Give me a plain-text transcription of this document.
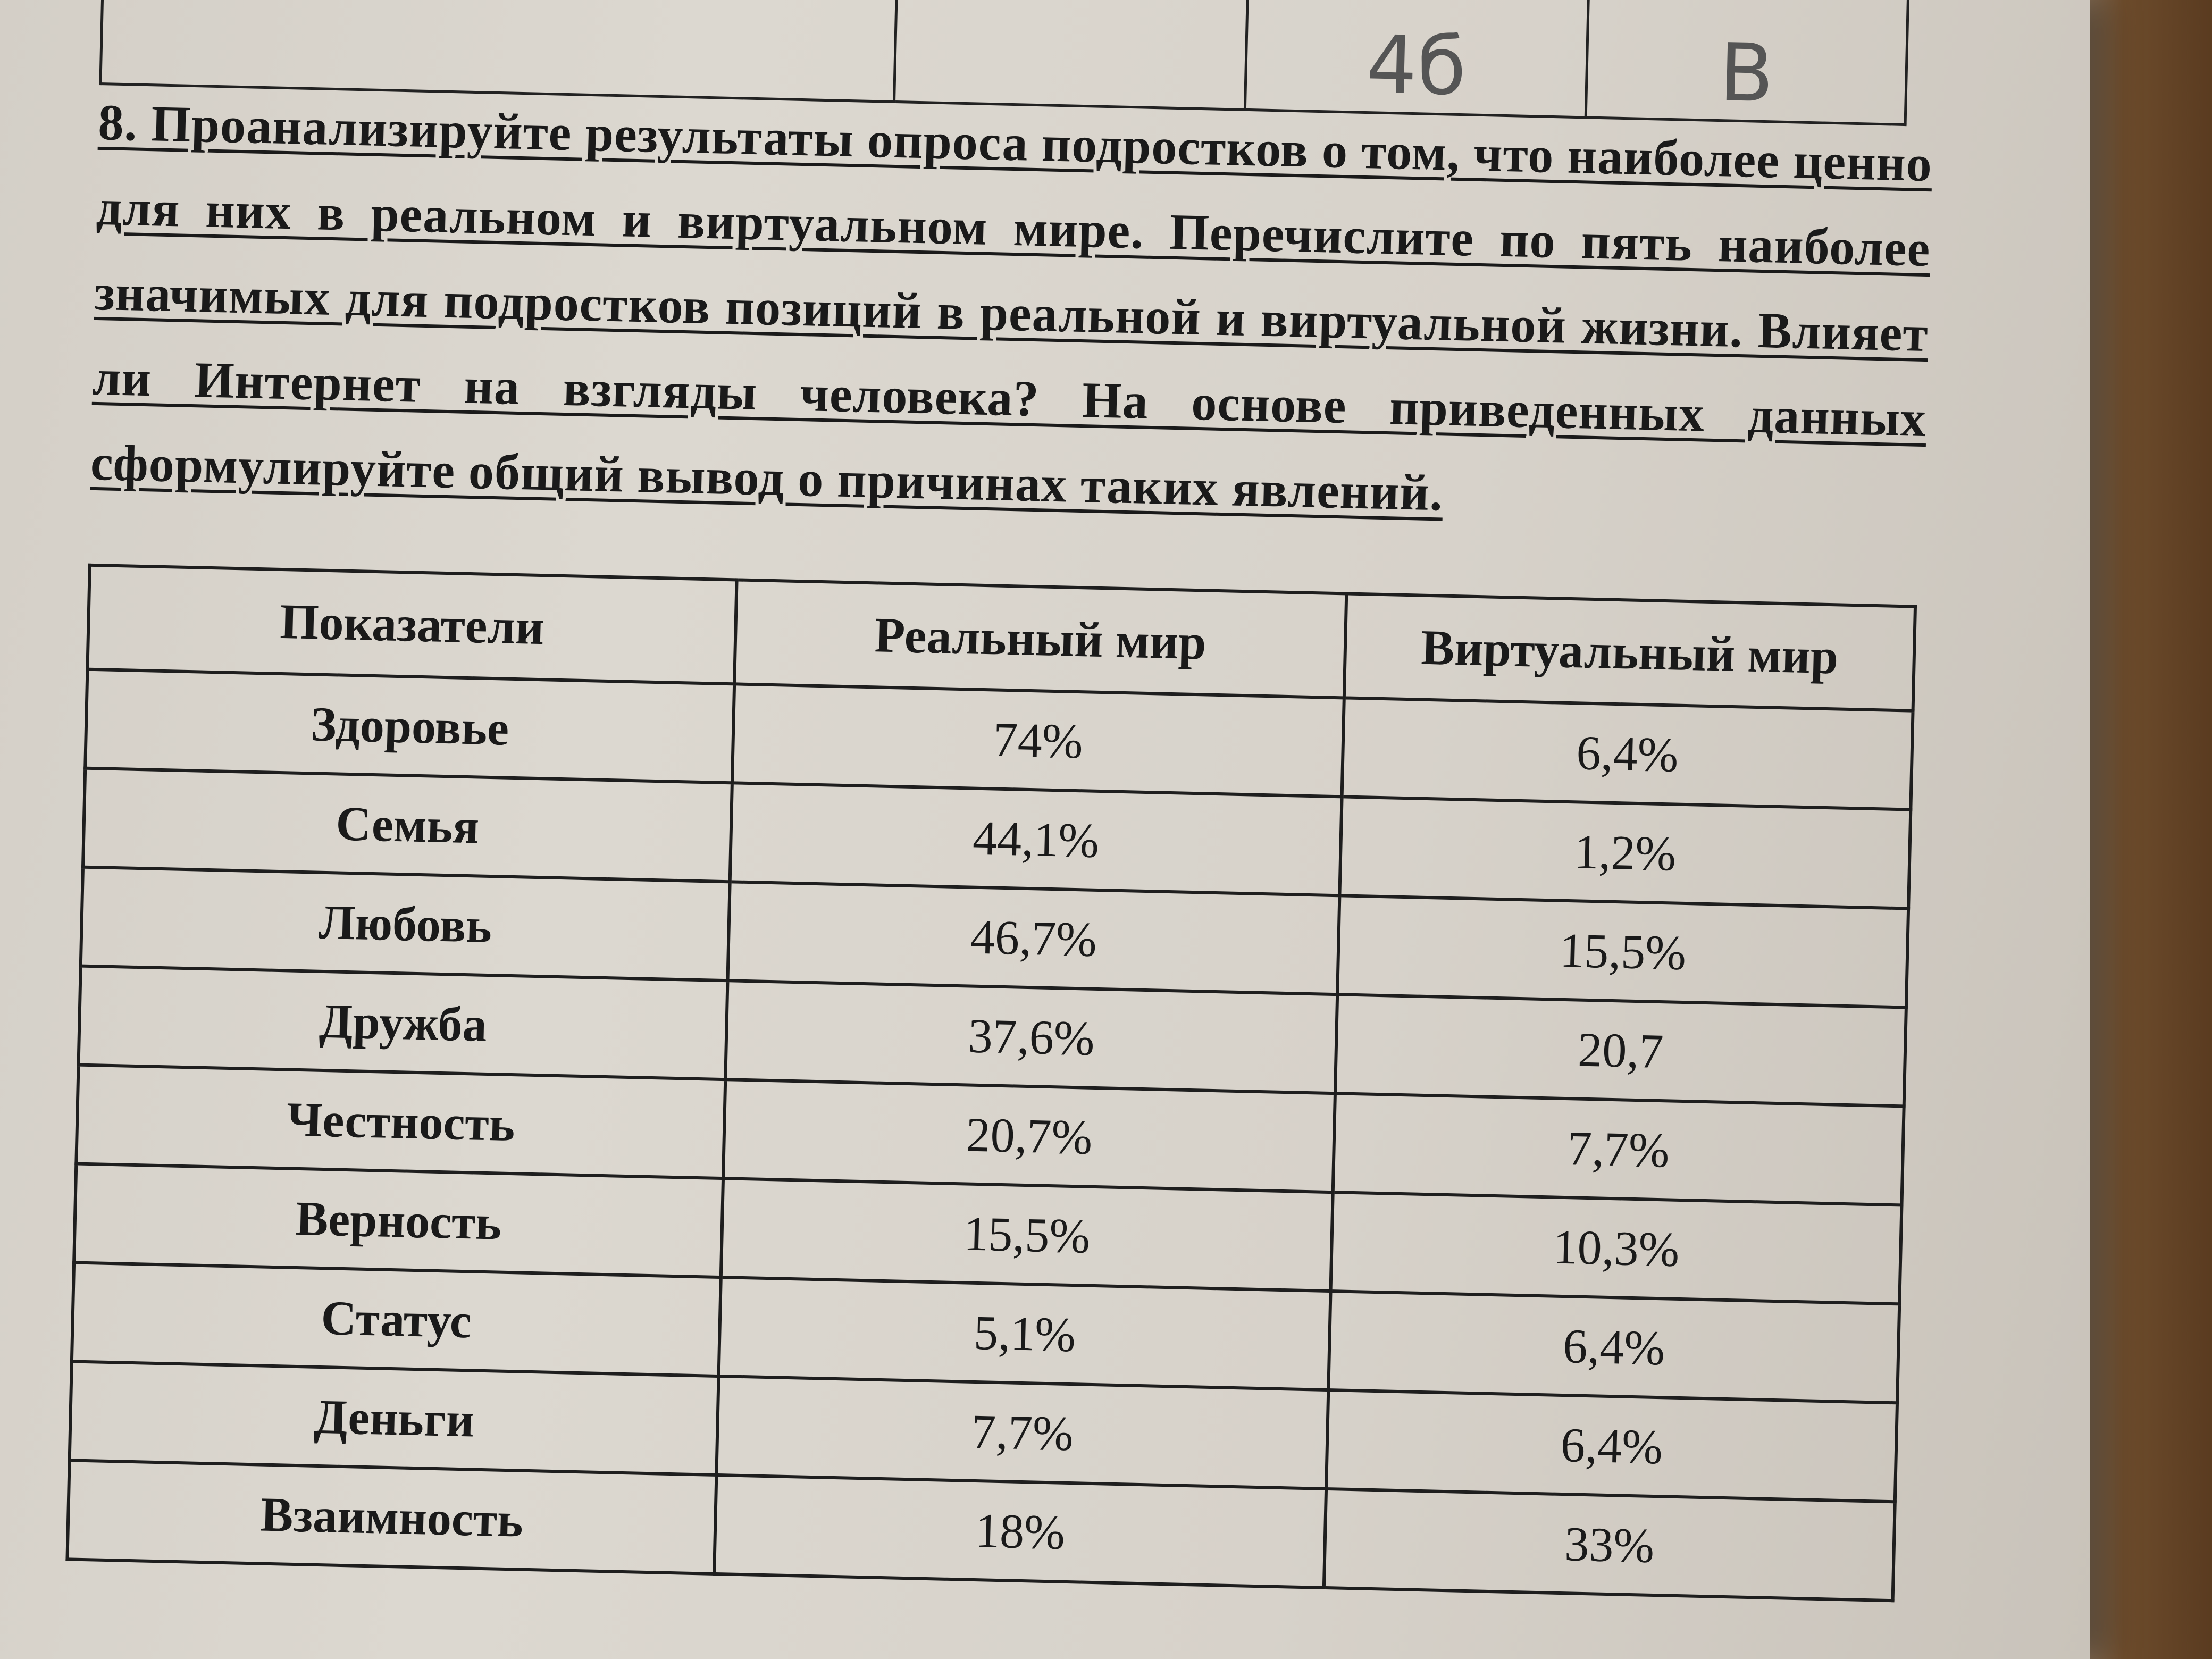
		4б	В
8. Проанализируйте результаты опроса подростков о том, что наиболее ценно для них в реальном и виртуальном мире. Перечислите по пять наиболее значимых для подростков позиций в реальной и виртуальной жизни. Влияет ли Интернет на взгляды человека? На основе приведенных данных сформулируйте общий вывод о причинах таких явлений.
Показатели	Реальный мир	Виртуальный мир
Здоровье	74%	6,4%
Семья	44,1%	1,2%
Любовь	46,7%	15,5%
Дружба	37,6%	20,7
Честность	20,7%	7,7%
Верность	15,5%	10,3%
Статус	5,1%	6,4%
Деньги	7,7%	6,4%
Взаимность	18%	33%
